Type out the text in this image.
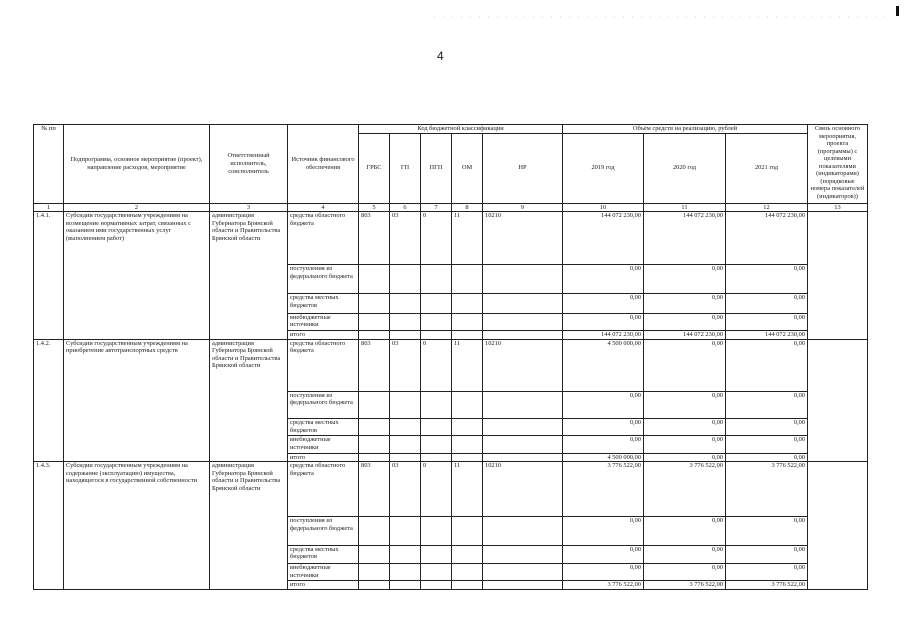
4
№ пп	Подпрограмма, основное мероприятие (проект), направление расходов, мероприятие	Ответственный исполнитель, соисполнитель	Источник финансового обеспечения	Код бюджетной классификации					Объём средств на реализацию, рублей			Связь основного мероприятия, проекта (программы) с целевыми показателями (индикаторами) (порядковые номера показателей (индикаторов))
				ГРБС	ГП	ПГП	ОМ	НР	2019 год	2020 год	2021 год	
1	2	3	4	5	6	7	8	9	10	11	12	13
1.4.1.	Субсидии государственным учреждениям на возмещение нормативных затрат, связанных с оказанием ими государственных услуг (выполнением работ)	администрация Губернатора Брянской области и Правительства Брянской области	средства областного бюджета	803	03	0	11	10210	144 072 230,00	144 072 230,00	144 072 230,00	
			поступления из федерального бюджета						0,00	0,00	0,00	
			средства местных бюджетов						0,00	0,00	0,00	
			внебюджетные источники						0,00	0,00	0,00	
			итого						144 072 230,00	144 072 230,00	144 072 230,00	
1.4.2.	Субсидии государственным учреждениям на приобретение автотранспортных средств	администрация Губернатора Брянской области и Правительства Брянской области	средства областного бюджета	803	03	0	11	10210	4 500 000,00	0,00	0,00	
			поступления из федерального бюджета						0,00	0,00	0,00	
			средства местных бюджетов						0,00	0,00	0,00	
			внебюджетные источники						0,00	0,00	0,00	
			итого						4 500 000,00	0,00	0,00	
1.4.3.	Субсидии государственным учреждениям на содержание (эксплуатацию) имущества, находящегося в государственной собственности	администрация Губернатора Брянской области и Правительства Брянской области	средства областного бюджета	803	03	0	11	10210	3 776 522,00	3 776 522,00	3 776 522,00	
			поступления из федерального бюджета						0,00	0,00	0,00	
			средства местных бюджетов						0,00	0,00	0,00	
			внебюджетные источники						0,00	0,00	0,00	
			итого						3 776 522,00	3 776 522,00	3 776 522,00	
